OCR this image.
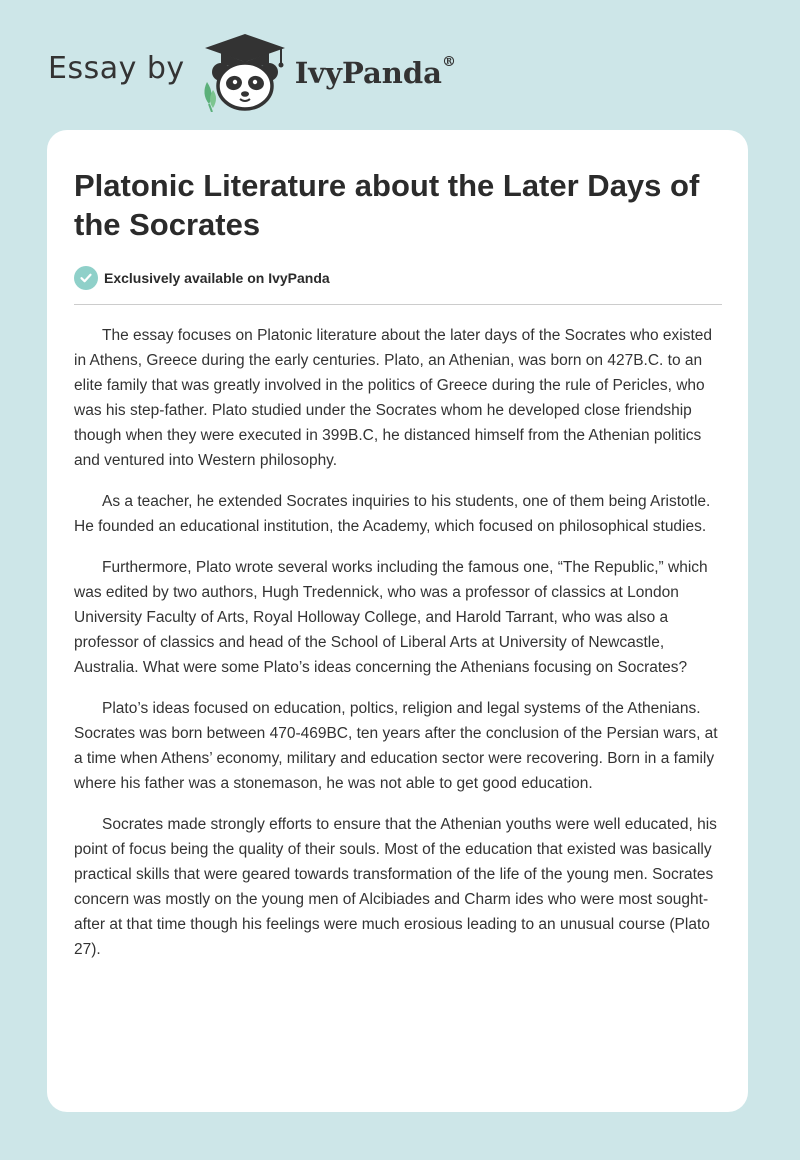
Essay by	IvyPanda®
Platonic Literature about the Later Days of the Socrates
Exclusively available on IvyPanda

The essay focuses on Platonic literature about the later days of the Socrates who existed in Athens, Greece during the early centuries. Plato, an Athenian, was born on 427B.C. to an elite family that was greatly involved in the politics of Greece during the rule of Pericles, who was his step-father. Plato studied under the Socrates whom he developed close friendship though when they were executed in 399B.C, he distanced himself from the Athenian politics and ventured into Western philosophy.

As a teacher, he extended Socrates inquiries to his students, one of them being Aristotle. He founded an educational institution, the Academy, which focused on philosophical studies.

Furthermore, Plato wrote several works including the famous one, “The Republic,” which was edited by two authors, Hugh Tredennick, who was a professor of classics at London University Faculty of Arts, Royal Holloway College, and Harold Tarrant, who was also a professor of classics and head of the School of Liberal Arts at University of Newcastle, Australia. What were some Plato’s ideas concerning the Athenians focusing on Socrates?

Plato’s ideas focused on education, poltics, religion and legal systems of the Athenians. Socrates was born between 470-469BC, ten years after the conclusion of the Persian wars, at a time when Athens’ economy, military and education sector were recovering. Born in a family where his father was a stonemason, he was not able to get good education.

Socrates made strongly efforts to ensure that the Athenian youths were well educated, his point of focus being the quality of their souls. Most of the education that existed was basically practical skills that were geared towards transformation of the life of the young men. Socrates concern was mostly on the young men of Alcibiades and Charm ides who were most sought-after at that time though his feelings were much erosious leading to an unusual course (Plato 27).
